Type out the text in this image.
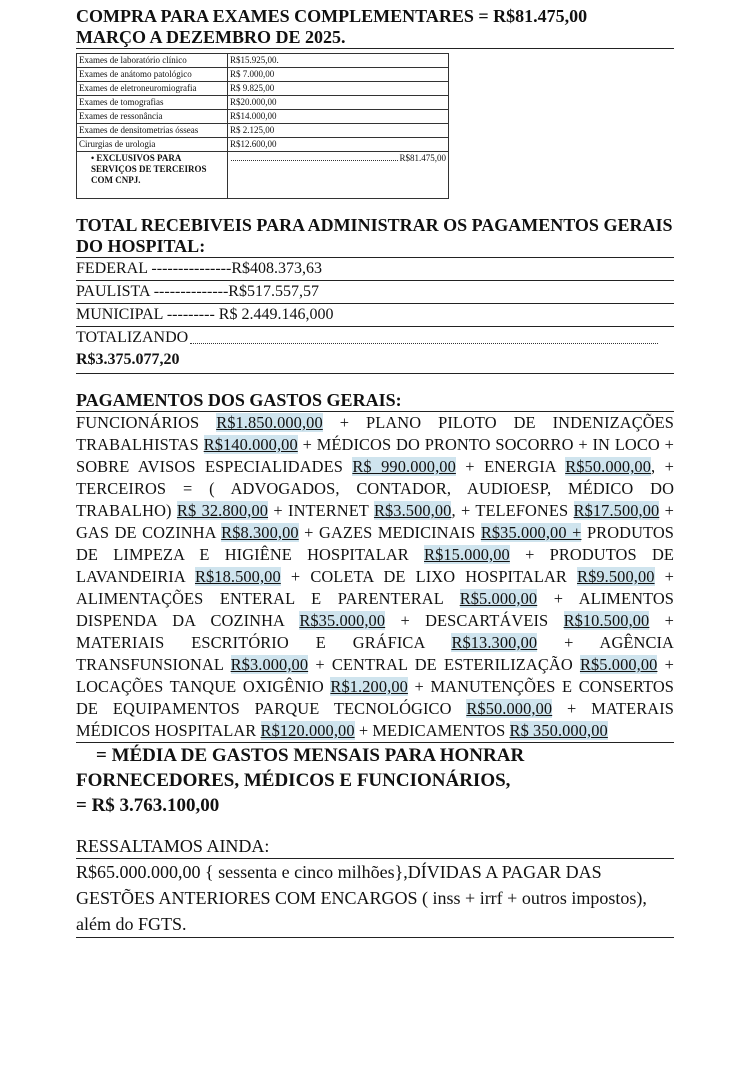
COMPRA PARA EXAMES COMPLEMENTARES = R$81.475,00
MARÇO A DEZEMBRO DE 2025.
Exames de laboratório clínico	R$15.925,00.
Exames de anátomo patológico	R$ 7.000,00
Exames de eletroneuromiografia	R$ 9.825,00
Exames de tomografias	R$20.000,00
Exames de ressonância	R$14.000,00
Exames de densitometrias ósseas	R$ 2.125,00
Cirurgias de urologia	R$12.600,00
• EXCLUSIVOS PARA SERVIÇOS DE TERCEIROS COM CNPJ.	R$81.475,00
TOTAL RECEBIVEIS PARA ADMINISTRAR OS PAGAMENTOS GERAIS DO HOSPITAL:
FEDERAL ---------------R$408.373,63
PAULISTA --------------R$517.557,57
MUNICIPAL --------- R$ 2.449.146,000
TOTALIZANDO
R$3.375.077,20
PAGAMENTOS DOS GASTOS GERAIS:
FUNCIONÁRIOS R$1.850.000,00 + PLANO PILOTO DE INDENIZAÇÕES TRABALHISTAS R$140.000,00 + MÉDICOS DO PRONTO SOCORRO + IN LOCO + SOBRE AVISOS ESPECIALIDADES R$ 990.000,00 + ENERGIA R$50.000,00, + TERCEIROS = ( ADVOGADOS, CONTADOR, AUDIOESP, MÉDICO DO TRABALHO) R$ 32.800,00 + INTERNET R$3.500,00, + TELEFONES R$17.500,00 + GAS DE COZINHA R$8.300,00 + GAZES MEDICINAIS R$35.000,00 + PRODUTOS DE LIMPEZA E HIGIÊNE HOSPITALAR R$15.000,00 + PRODUTOS DE LAVANDEIRIA R$18.500,00 + COLETA DE LIXO HOSPITALAR R$9.500,00 + ALIMENTAÇÕES ENTERAL E PARENTERAL R$5.000,00 + ALIMENTOS DISPENDA DA COZINHA R$35.000,00 + DESCARTÁVEIS R$10.500,00 + MATERIAIS ESCRITÓRIO E GRÁFICA R$13.300,00 + AGÊNCIA TRANSFUNSIONAL R$3.000,00 + CENTRAL DE ESTERILIZAÇÃO R$5.000,00 + LOCAÇÕES TANQUE OXIGÊNIO R$1.200,00 + MANUTENÇÕES E CONSERTOS DE EQUIPAMENTOS PARQUE TECNOLÓGICO R$50.000,00 + MATERAIS MÉDICOS HOSPITALAR R$120.000,00 + MEDICAMENTOS R$ 350.000,00
= MÉDIA DE GASTOS MENSAIS PARA HONRAR
FORNECEDORES, MÉDICOS E FUNCIONÁRIOS,
= R$ 3.763.100,00
RESSALTAMOS AINDA:
R$65.000.000,00 { sessenta e cinco milhões},DÍVIDAS A PAGAR DAS GESTÕES ANTERIORES COM ENCARGOS ( inss + irrf + outros impostos), além do FGTS.
